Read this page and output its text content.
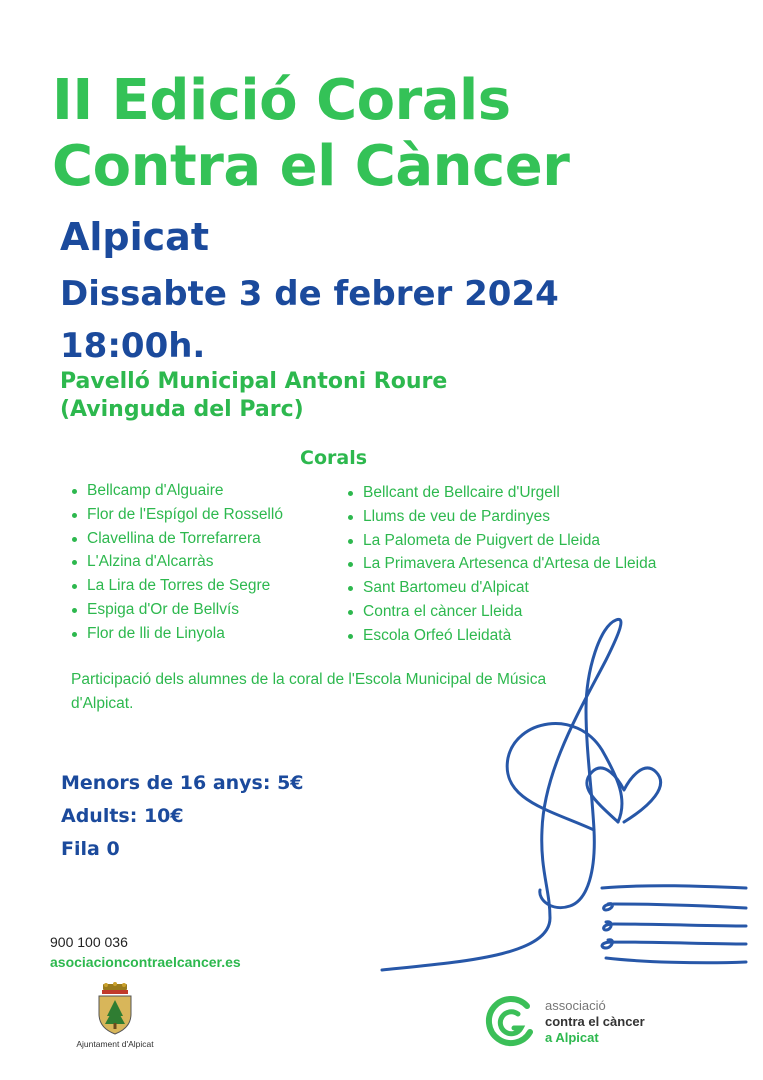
II Edició Corals
Contra el Càncer
Alpicat
Dissabte 3 de febrer 2024
18:00h.
Pavelló Municipal Antoni Roure
(Avinguda del Parc)
Corals
Bellcamp d'Alguaire
Flor de l'Espígol de Rosselló
Clavellina de Torrefarrera
L'Alzina d'Alcarràs
La Lira de Torres de Segre
Espiga d'Or de Bellvís
Flor de lli de Linyola
Bellcant de Bellcaire d'Urgell
Llums de veu de Pardinyes
La Palometa de Puigvert de Lleida
La Primavera Artesenca d'Artesa de Lleida
Sant Bartomeu d'Alpicat
Contra el càncer Lleida
Escola Orfeó Lleidatà
Participació dels alumnes de la coral de l'Escola Municipal de Música d'Alpicat.
Menors de 16 anys: 5€
Adults: 10€
Fila 0
900 100 036
asociacioncontraelcancer.es
Ajuntament d'Alpicat
associació
contra el càncer
a Alpicat
